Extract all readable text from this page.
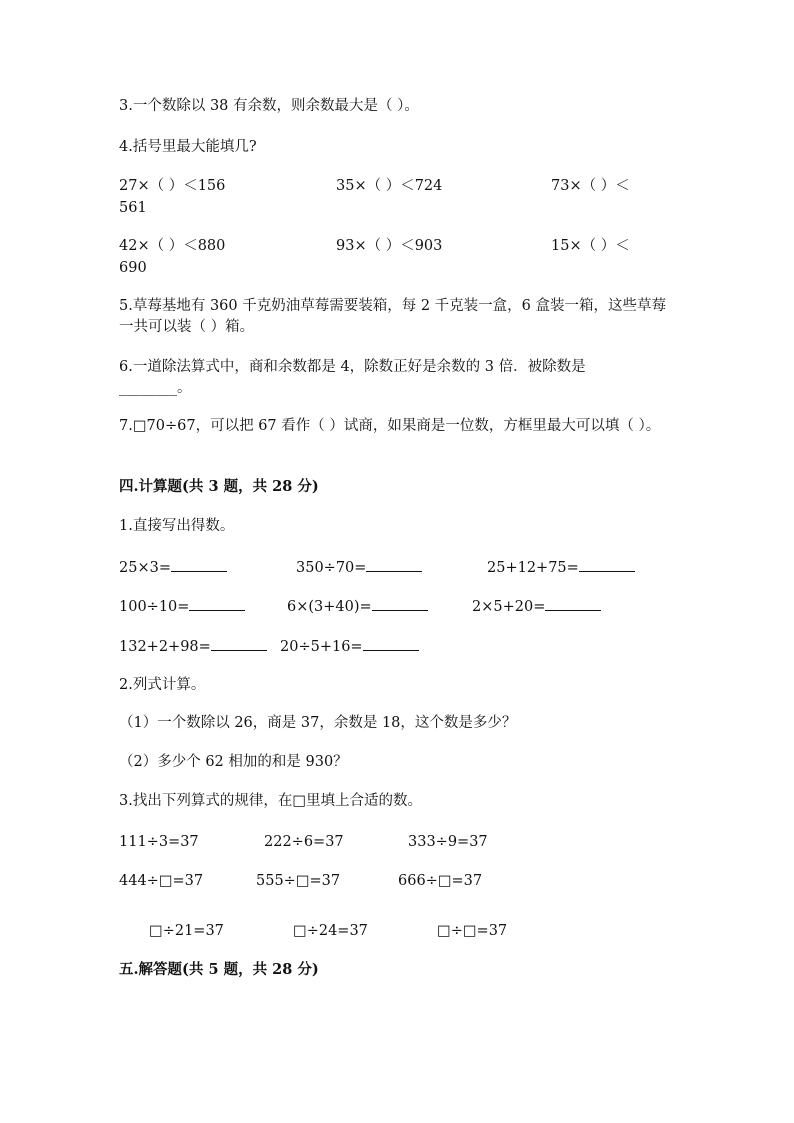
3.一个数除以 38 有余数，则余数最大是（ ）。
4.括号里最大能填几?
27×（ ）＜156	35×（ ）＜724	73×（ ）＜
561
42×（ ）＜880	93×（ ）＜903	15×（ ）＜
690
5.草莓基地有 360 千克奶油草莓需要装箱，每 2 千克装一盒，6 盒装一箱，这些草莓一共可以装（ ）箱。
6.一道除法算式中，商和余数都是 4，除数正好是余数的 3 倍．被除数是
________。
7.□70÷67，可以把 67 看作（ ）试商，如果商是一位数，方框里最大可以填（ ）。
四.计算题(共 3 题，共 28 分)
1.直接写出得数。
25×3=	350÷70=	25+12+75=
100÷10=	6×(3+40)=	2×5+20=
132+2+98=	20÷5+16=
2.列式计算。
（1）一个数除以 26，商是 37，余数是 18，这个数是多少？
（2）多少个 62 相加的和是 930？
3.找出下列算式的规律，在□里填上合适的数。
111÷3=37	222÷6=37	333÷9=37
444÷□=37	555÷□=37	666÷□=37
□÷21=37	□÷24=37	□÷□=37
五.解答题(共 5 题，共 28 分)
